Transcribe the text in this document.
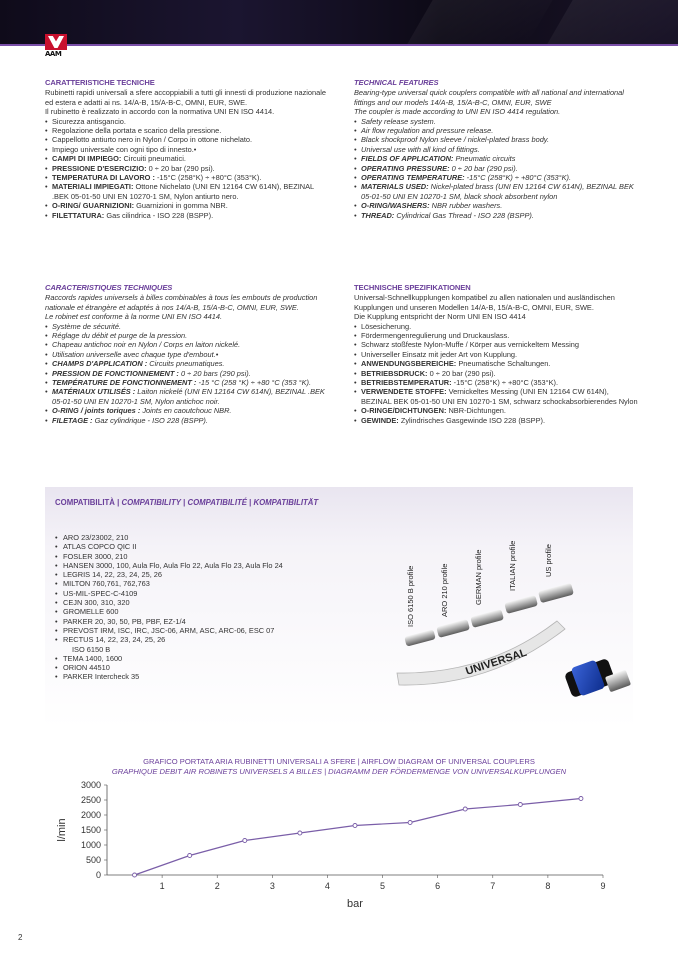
AAM
CARATTERISTICHE TECNICHE

Rubinetti rapidi universali a sfere accoppiabili a tutti gli innesti di produzione nazionale ed estera e adatti ai ns. 14/A-B, 15/A-B-C, OMNI, EUR, SWE.

Il rubinetto è realizzato in accordo con la normativa UNI EN ISO 4414.

• Sicurezza antisgancio.
• Regolazione della portata e scarico della pressione.
• Cappellotto antiurto nero in Nylon / Corpo in ottone nichelato.
• Impiego universale con ogni tipo di innesto.•
• CAMPI DI IMPIEGO: Circuiti pneumatici.
• PRESSIONE D'ESERCIZIO: 0 ÷ 20 bar (290 psi).
• TEMPERATURA DI LAVORO : -15°C (258°K) ÷ +80°C (353°K).
• MATERIALI IMPIEGATI: Ottone Nichelato (UNI EN 12164 CW 614N), BEZINAL .BEK 05-01-50 UNI EN 10270-1 SM, Nylon antiurto nero.
• O-RING/ GUARNIZIONI: Guarnizioni in gomma NBR.
• FILETTATURA: Gas cilindrica - ISO 228 (BSPP).
TECHNICAL FEATURES

Bearing-type universal quick couplers compatible with all national and international fittings and our models 14/A-B, 15/A-B-C, OMNI, EUR, SWE

The coupler is made according to UNI EN ISO 4414 regulation.

• Safety release system.
• Air flow regulation and pressure release.
• Black shockproof Nylon sleeve / nickel-plated brass body.
• Universal use with all kind of fittings.
• FIELDS OF APPLICATION: Pneumatic circuits
• OPERATING PRESSURE: 0 ÷ 20 bar (290 psi).
• OPERATING TEMPERATURE: -15°C (258°K) ÷ +80°C (353°K).
• MATERIALS USED: Nickel-plated brass (UNI EN 12164 CW 614N), BEZINAL BEK 05-01-50 UNI EN 10270-1 SM, black shock absorbent nylon
• O-RING/WASHERS: NBR rubber washers.
• THREAD: Cylindrical Gas Thread - ISO 228 (BSPP).
CARACTERISTIQUES TECHNIQUES

Raccords rapides universels à billes combinables à tous les embouts de production nationale et étrangère et adaptés à nos 14/A-B, 15/A-B-C, OMNI, EUR, SWE.

Le robinet est conforme à la norme UNI EN ISO 4414.

• Système de sécurité.
• Réglage du débit et purge de la pression.
• Chapeau antichoc noir en Nylon / Corps en laiton nickelé.
• Utilisation universelle avec chaque type d'embout.•
• CHAMPS D'APPLICATION : Circuits pneumatiques.
• PRESSION DE FONCTIONNEMENT : 0 ÷ 20 bars (290 psi).
• TEMPÉRATURE DE FONCTIONNEMENT : -15 °C (258 °K) ÷ +80 °C (353 °K).
• MATÉRIAUX UTILISÉS : Laiton nickelé (UNI EN 12164 CW 614N), BEZINAL .BEK 05-01-50 UNI EN 10270-1 SM, Nylon antichoc noir.
• O-RING / joints toriques : Joints en caoutchouc NBR.
• FILETAGE : Gaz cylindrique - ISO 228 (BSPP).
TECHNISCHE SPEZIFIKATIONEN

Universal-Schnellkupplungen kompatibel zu allen nationalen und ausländischen Kupplungen und unseren Modellen 14/A-B, 15/A-B-C, OMNI, EUR, SWE.

Die Kupplung entspricht der Norm UNI EN ISO 4414

• Lösesicherung.
• Fördermengenregulierung und Druckauslass.
• Schwarz stoßfeste Nylon-Muffe / Körper aus vernickeltem Messing
• Universeller Einsatz mit jeder Art von Kupplung.
• ANWENDUNGSBEREICHE: Pneumatische Schaltungen.
• BETRIEBSDRUCK: 0 ÷ 20 bar (290 psi).
• BETRIEBSTEMPERATUR: -15°C (258°K) ÷ +80°C (353°K).
• VERWENDETE STOFFE: Vernickeltes Messing (UNI EN 12164 CW 614N), BEZINAL BEK 05-01-50 UNI EN 10270-1 SM, schwarz schockabsorbierendes Nylon
• O-RINGE/DICHTUNGEN: NBR-Dichtungen.
• GEWINDE: Zylindrisches Gasgewinde ISO 228 (BSPP).
COMPATIBILITÀ | COMPATIBILITY | COMPATIBILITÉ | KOMPATIBILITÄT
• ARO 23/23002, 210
• ATLAS COPCO QIC II
• FOSLER 3000, 210
• HANSEN 3000, 100, Aula Flo, Aula Flo 22, Aula Flo 23, Aula Flo 24
• LEGRIS 14, 22, 23, 24, 25, 26
• MILTON 760,761, 762,763
• US-MIL-SPEC-C-4109
• CEJN 300, 310, 320
• GROMELLE 600
• PARKER 20, 30, 50, PB, PBF, EZ-1/4
• PREVOST IRM, ISC, IRC, JSC-06, ARM, ASC, ARC-06, ESC 07
• RECTUS 14, 22, 23, 24, 25, 26
ISO 6150 B
• TEMA 1400, 1600
• ORION 44510
• PARKER Intercheck 35	UNIVERSAL
ISO 6150 B profile	ARO 210 profile	GERMAN profile	ITALIAN profile	US profile
GRAFICO PORTATA ARIA RUBINETTI UNIVERSALI A SFERE | AIRFLOW DIAGRAM OF UNIVERSAL COUPLERS
GRAPHIQUE DEBIT AIR ROBINETS UNIVERSELS A BILLES | DIAGRAMM DER FÖRDERMENGE VON UNIVERSALKUPPLUNGEN
0
500
1000
1500
2000
2500
3000
1	2	3	4	5	6	7	8	9
bar
l/min
2
